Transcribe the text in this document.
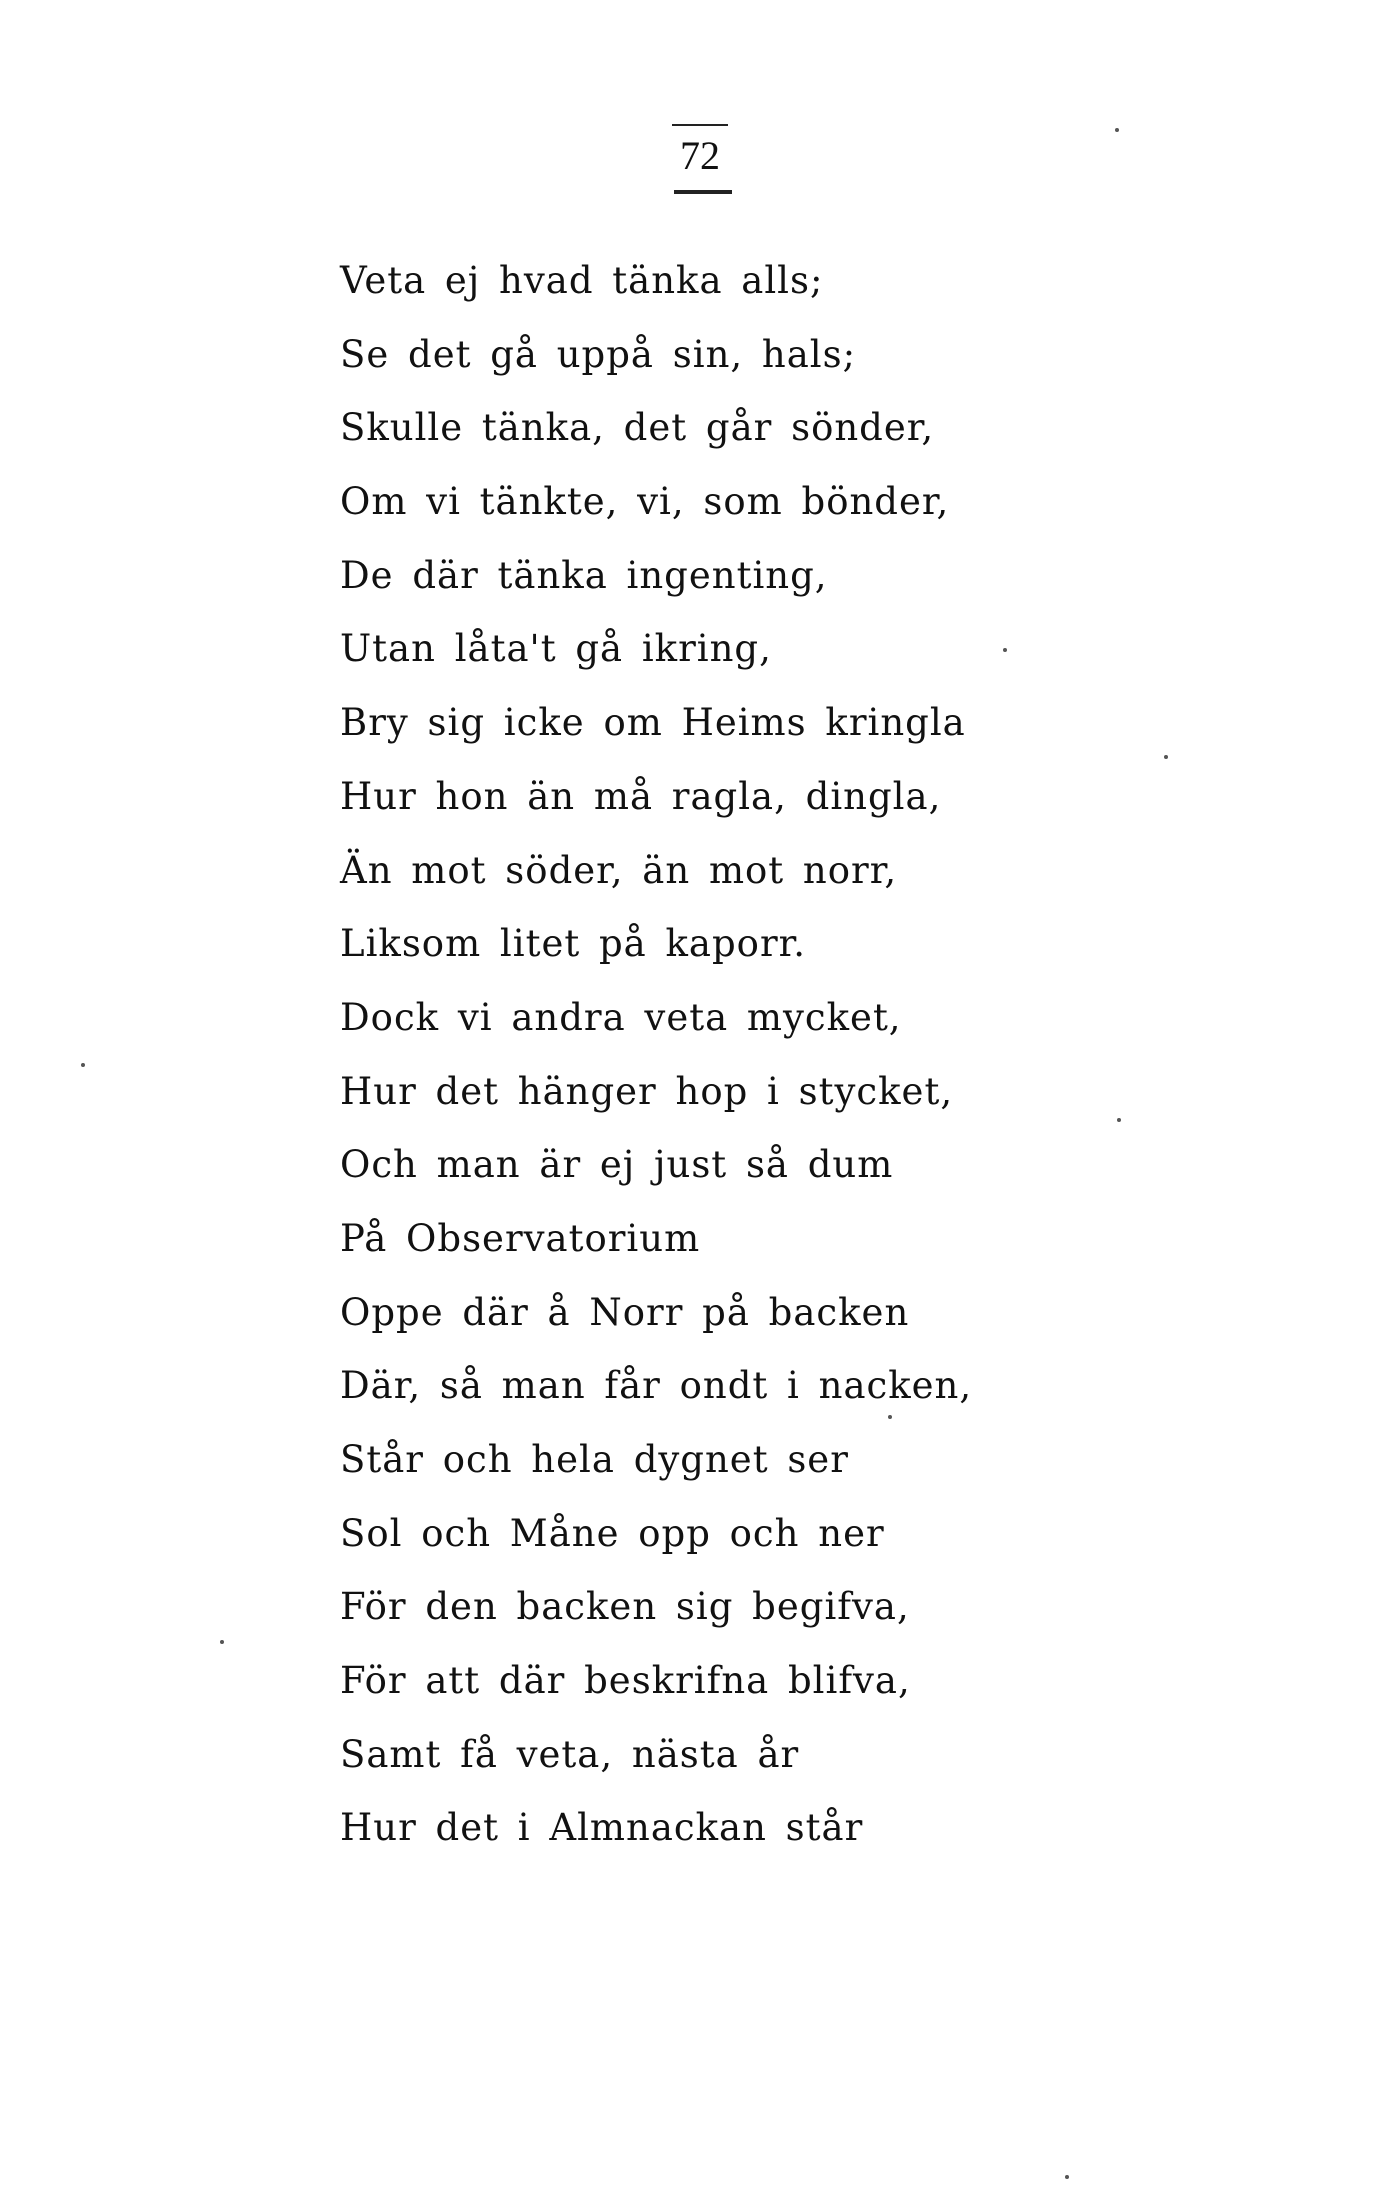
72
Veta ej hvad tänka alls;
Se det gå uppå sin, hals;
Skulle tänka, det går sönder,
Om vi tänkte, vi, som bönder,
De där tänka ingenting,
Utan låta't gå ikring,
Bry sig icke om Heims kringla
Hur hon än må ragla, dingla,
Än mot söder, än mot norr,
Liksom litet på kaporr.
Dock vi andra veta mycket,
Hur det hänger hop i stycket,
Och man är ej just så dum
På Observatorium
Oppe där å Norr på backen
Där, så man får ondt i nacken,
Står och hela dygnet ser
Sol och Måne opp och ner
För den backen sig begifva,
För att där beskrifna blifva,
Samt få veta, nästa år
Hur det i Almnackan står
